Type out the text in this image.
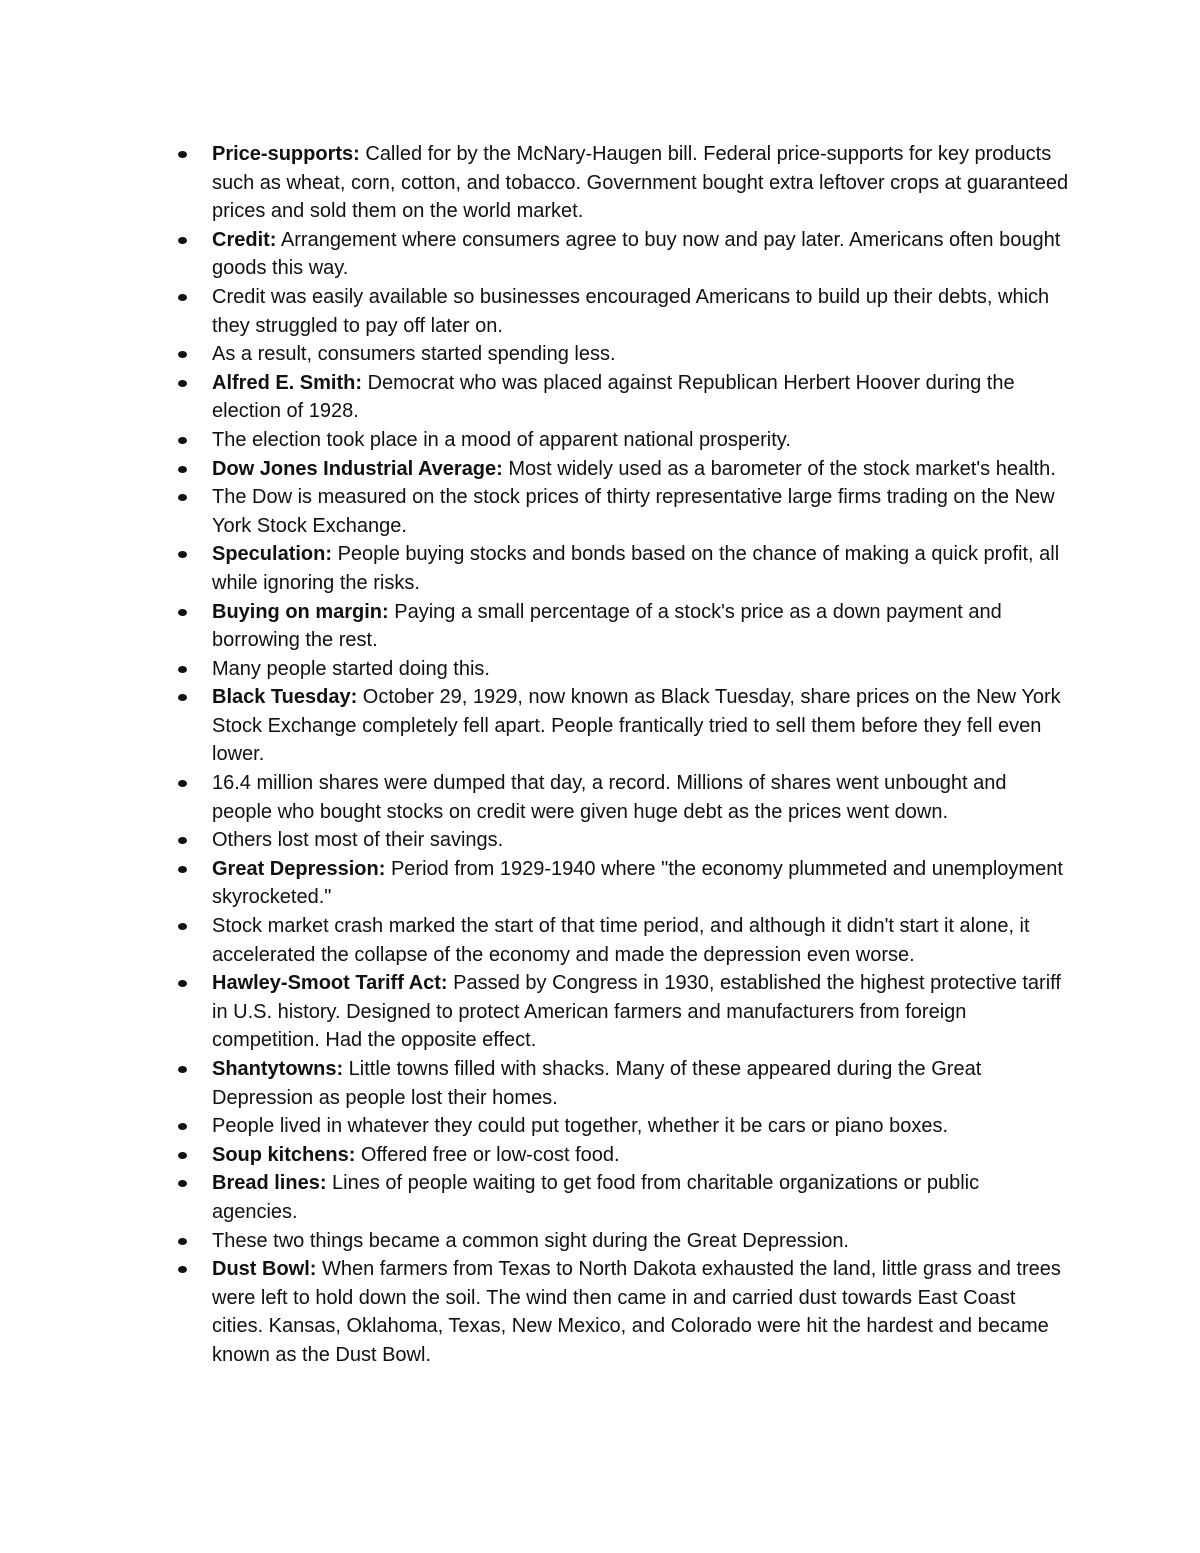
Price-supports: Called for by the McNary-Haugen bill. Federal price-supports for key products such as wheat, corn, cotton, and tobacco. Government bought extra leftover crops at guaranteed prices and sold them on the world market.
Credit: Arrangement where consumers agree to buy now and pay later. Americans often bought goods this way.
Credit was easily available so businesses encouraged Americans to build up their debts, which they struggled to pay off later on.
As a result, consumers started spending less.
Alfred E. Smith: Democrat who was placed against Republican Herbert Hoover during the election of 1928.
The election took place in a mood of apparent national prosperity.
Dow Jones Industrial Average: Most widely used as a barometer of the stock market's health.
The Dow is measured on the stock prices of thirty representative large firms trading on the New York Stock Exchange.
Speculation: People buying stocks and bonds based on the chance of making a quick profit, all while ignoring the risks.
Buying on margin: Paying a small percentage of a stock's price as a down payment and borrowing the rest.
Many people started doing this.
Black Tuesday: October 29, 1929, now known as Black Tuesday, share prices on the New York Stock Exchange completely fell apart. People frantically tried to sell them before they fell even lower.
16.4 million shares were dumped that day, a record. Millions of shares went unbought and people who bought stocks on credit were given huge debt as the prices went down.
Others lost most of their savings.
Great Depression: Period from 1929-1940 where "the economy plummeted and unemployment skyrocketed."
Stock market crash marked the start of that time period, and although it didn't start it alone, it accelerated the collapse of the economy and made the depression even worse.
Hawley-Smoot Tariff Act: Passed by Congress in 1930, established the highest protective tariff in U.S. history. Designed to protect American farmers and manufacturers from foreign competition. Had the opposite effect.
Shantytowns: Little towns filled with shacks. Many of these appeared during the Great Depression as people lost their homes.
People lived in whatever they could put together, whether it be cars or piano boxes.
Soup kitchens: Offered free or low-cost food.
Bread lines: Lines of people waiting to get food from charitable organizations or public agencies.
These two things became a common sight during the Great Depression.
Dust Bowl: When farmers from Texas to North Dakota exhausted the land, little grass and trees were left to hold down the soil. The wind then came in and carried dust towards East Coast cities. Kansas, Oklahoma, Texas, New Mexico, and Colorado were hit the hardest and became known as the Dust Bowl.
